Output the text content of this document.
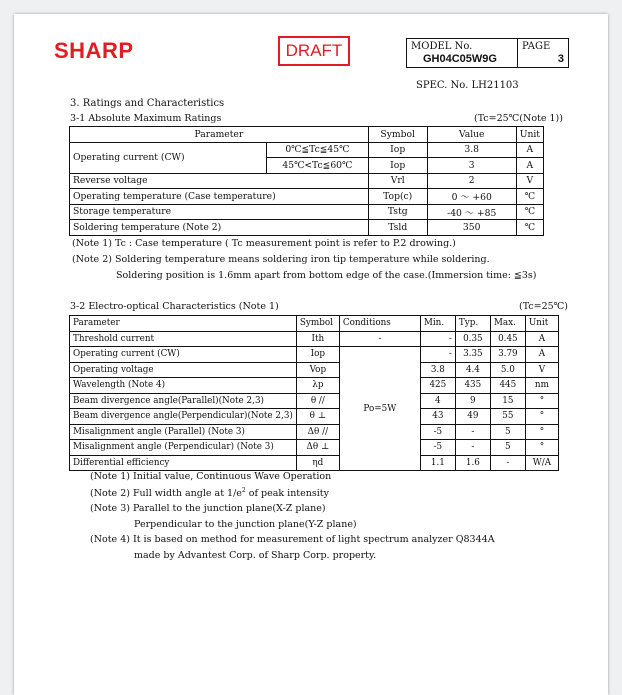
SHARP	DRAFT	MODEL No.
GH04C05W9G

PAGE
3
SPEC. No. LH21103
3. Ratings and Characteristics
3-1 Absolute Maximum Ratings	(Tc=25℃(Note 1))
Parameter		Symbol	Value	Unit
Operating current (CW)	0℃≦Tc≦45℃	Iop	3.8	A
	45℃<Tc≦60℃	Iop	3	A
Reverse voltage		Vrl	2	V
Operating temperature (Case temperature)		Top(c)	0 ～ +60	℃
Storage temperature		Tstg	-40 ～ +85	℃
Soldering temperature (Note 2)		Tsld	350	℃
(Note 1) Tc : Case temperature ( Tc measurement point is refer to P.2 drowing.)
(Note 2) Soldering temperature means soldering iron tip temperature while soldering.
Soldering position is 1.6mm apart from bottom edge of the case.(Immersion time: ≦3s)
3-2 Electro-optical Characteristics (Note 1)	(Tc=25℃)
Parameter	Symbol	Conditions	Min.	Typ.	Max.	Unit
Threshold current	Ith	-	-	0.35	0.45	A
Operating current (CW)	Iop	Po=5W	-	3.35	3.79	A
Operating voltage	Vop		3.8	4.4	5.0	V
Wavelength (Note 4)	λp		425	435	445	nm
Beam divergence angle(Parallel)(Note 2,3)	θ //		4	9	15	°
Beam divergence angle(Perpendicular)(Note 2,3)	θ ⊥		43	49	55	°
Misalignment angle (Parallel) (Note 3)	Δθ //		-5	-	5	°
Misalignment angle (Perpendicular) (Note 3)	Δθ ⊥		-5	-	5	°
Differential efficiency	ηd		1.1	1.6	-	W/A
(Note 1) Initial value, Continuous Wave Operation
(Note 2) Full width angle at $1/e^2$ of peak intensity
(Note 3) Parallel to the junction plane(X-Z plane)
Perpendicular to the junction plane(Y-Z plane)
(Note 4) It is based on method for measurement of light spectrum analyzer Q8344A
made by Advantest Corp. of Sharp Corp. property.
